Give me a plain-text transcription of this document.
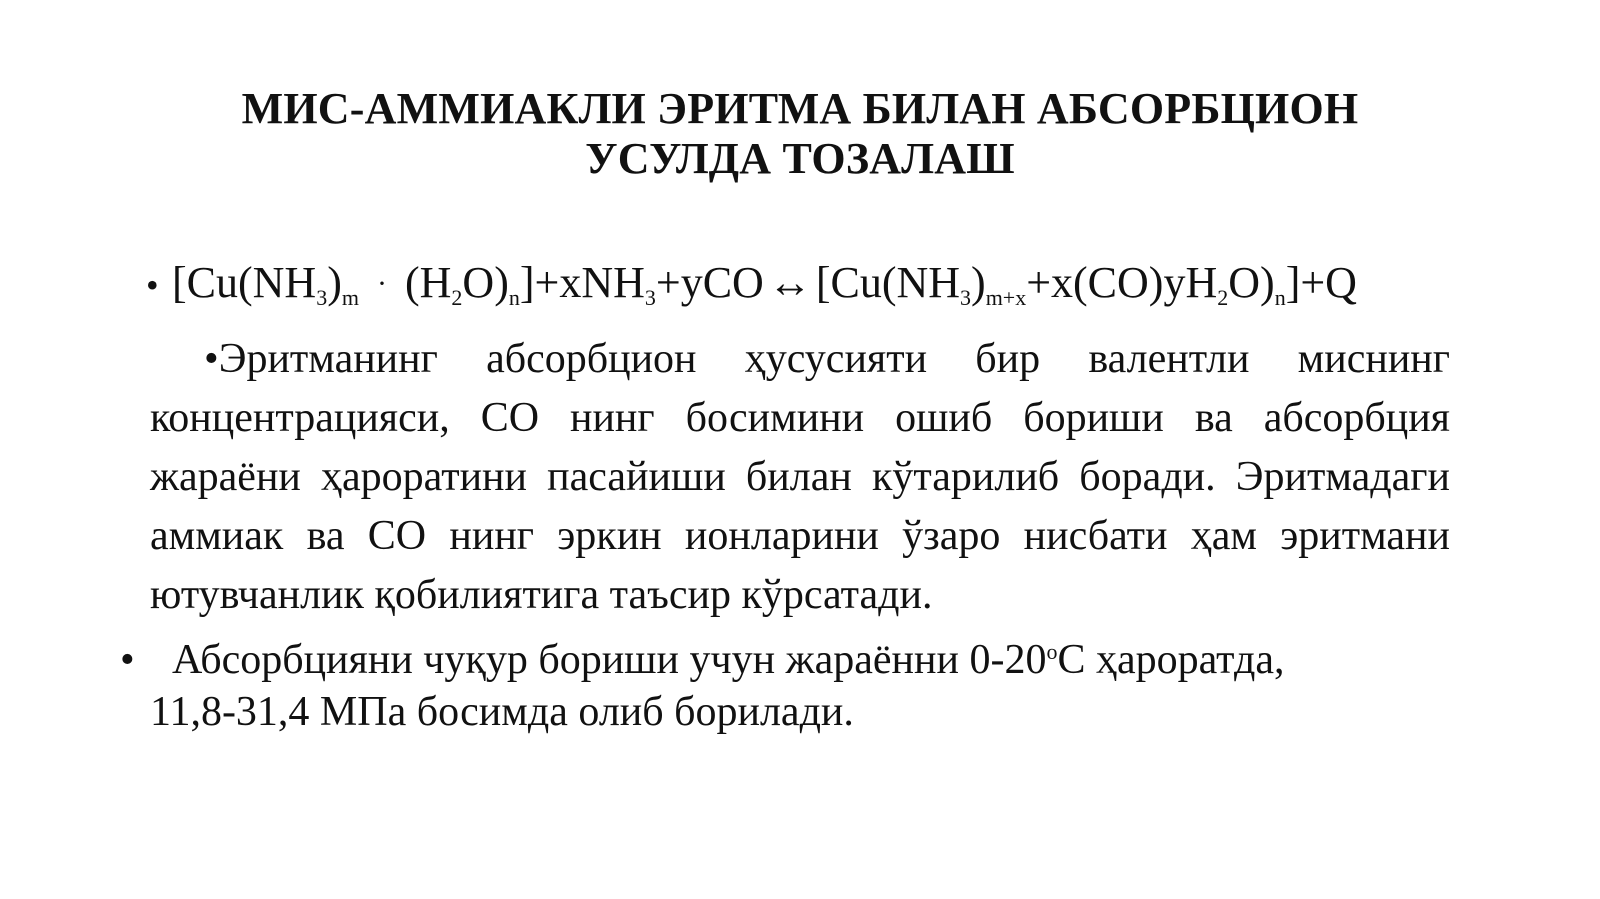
МИС-АММИАКЛИ ЭРИТМА БИЛАН АБСОРБЦИОН
УСУЛДА ТОЗАЛАШ
• [$Cu(NH_3)_m$ · $(H_2O)_n]+xNH_3+yCO\leftrightarrow[Cu(NH_3)_{m+x}+x(CO)yH_2O)_n]+Q$
•Эритманинг абсорбцион ҳусусияти бир валентли миснинг концентрацияси, СО нинг босимини ошиб бориши ва абсорбция жараёни ҳароратини пасайиши билан кўтарилиб боради. Эритмадаги аммиак ва СО нинг эркин ионларини ўзаро нисбати ҳам эритмани ютувчанлик қобилиятига таъсир кўрсатади.
• Абсорбцияни чуқур бориши учун жараённи 0-20$^o$С ҳароратда,
11,8-31,4 МПа босимда олиб борилади.
